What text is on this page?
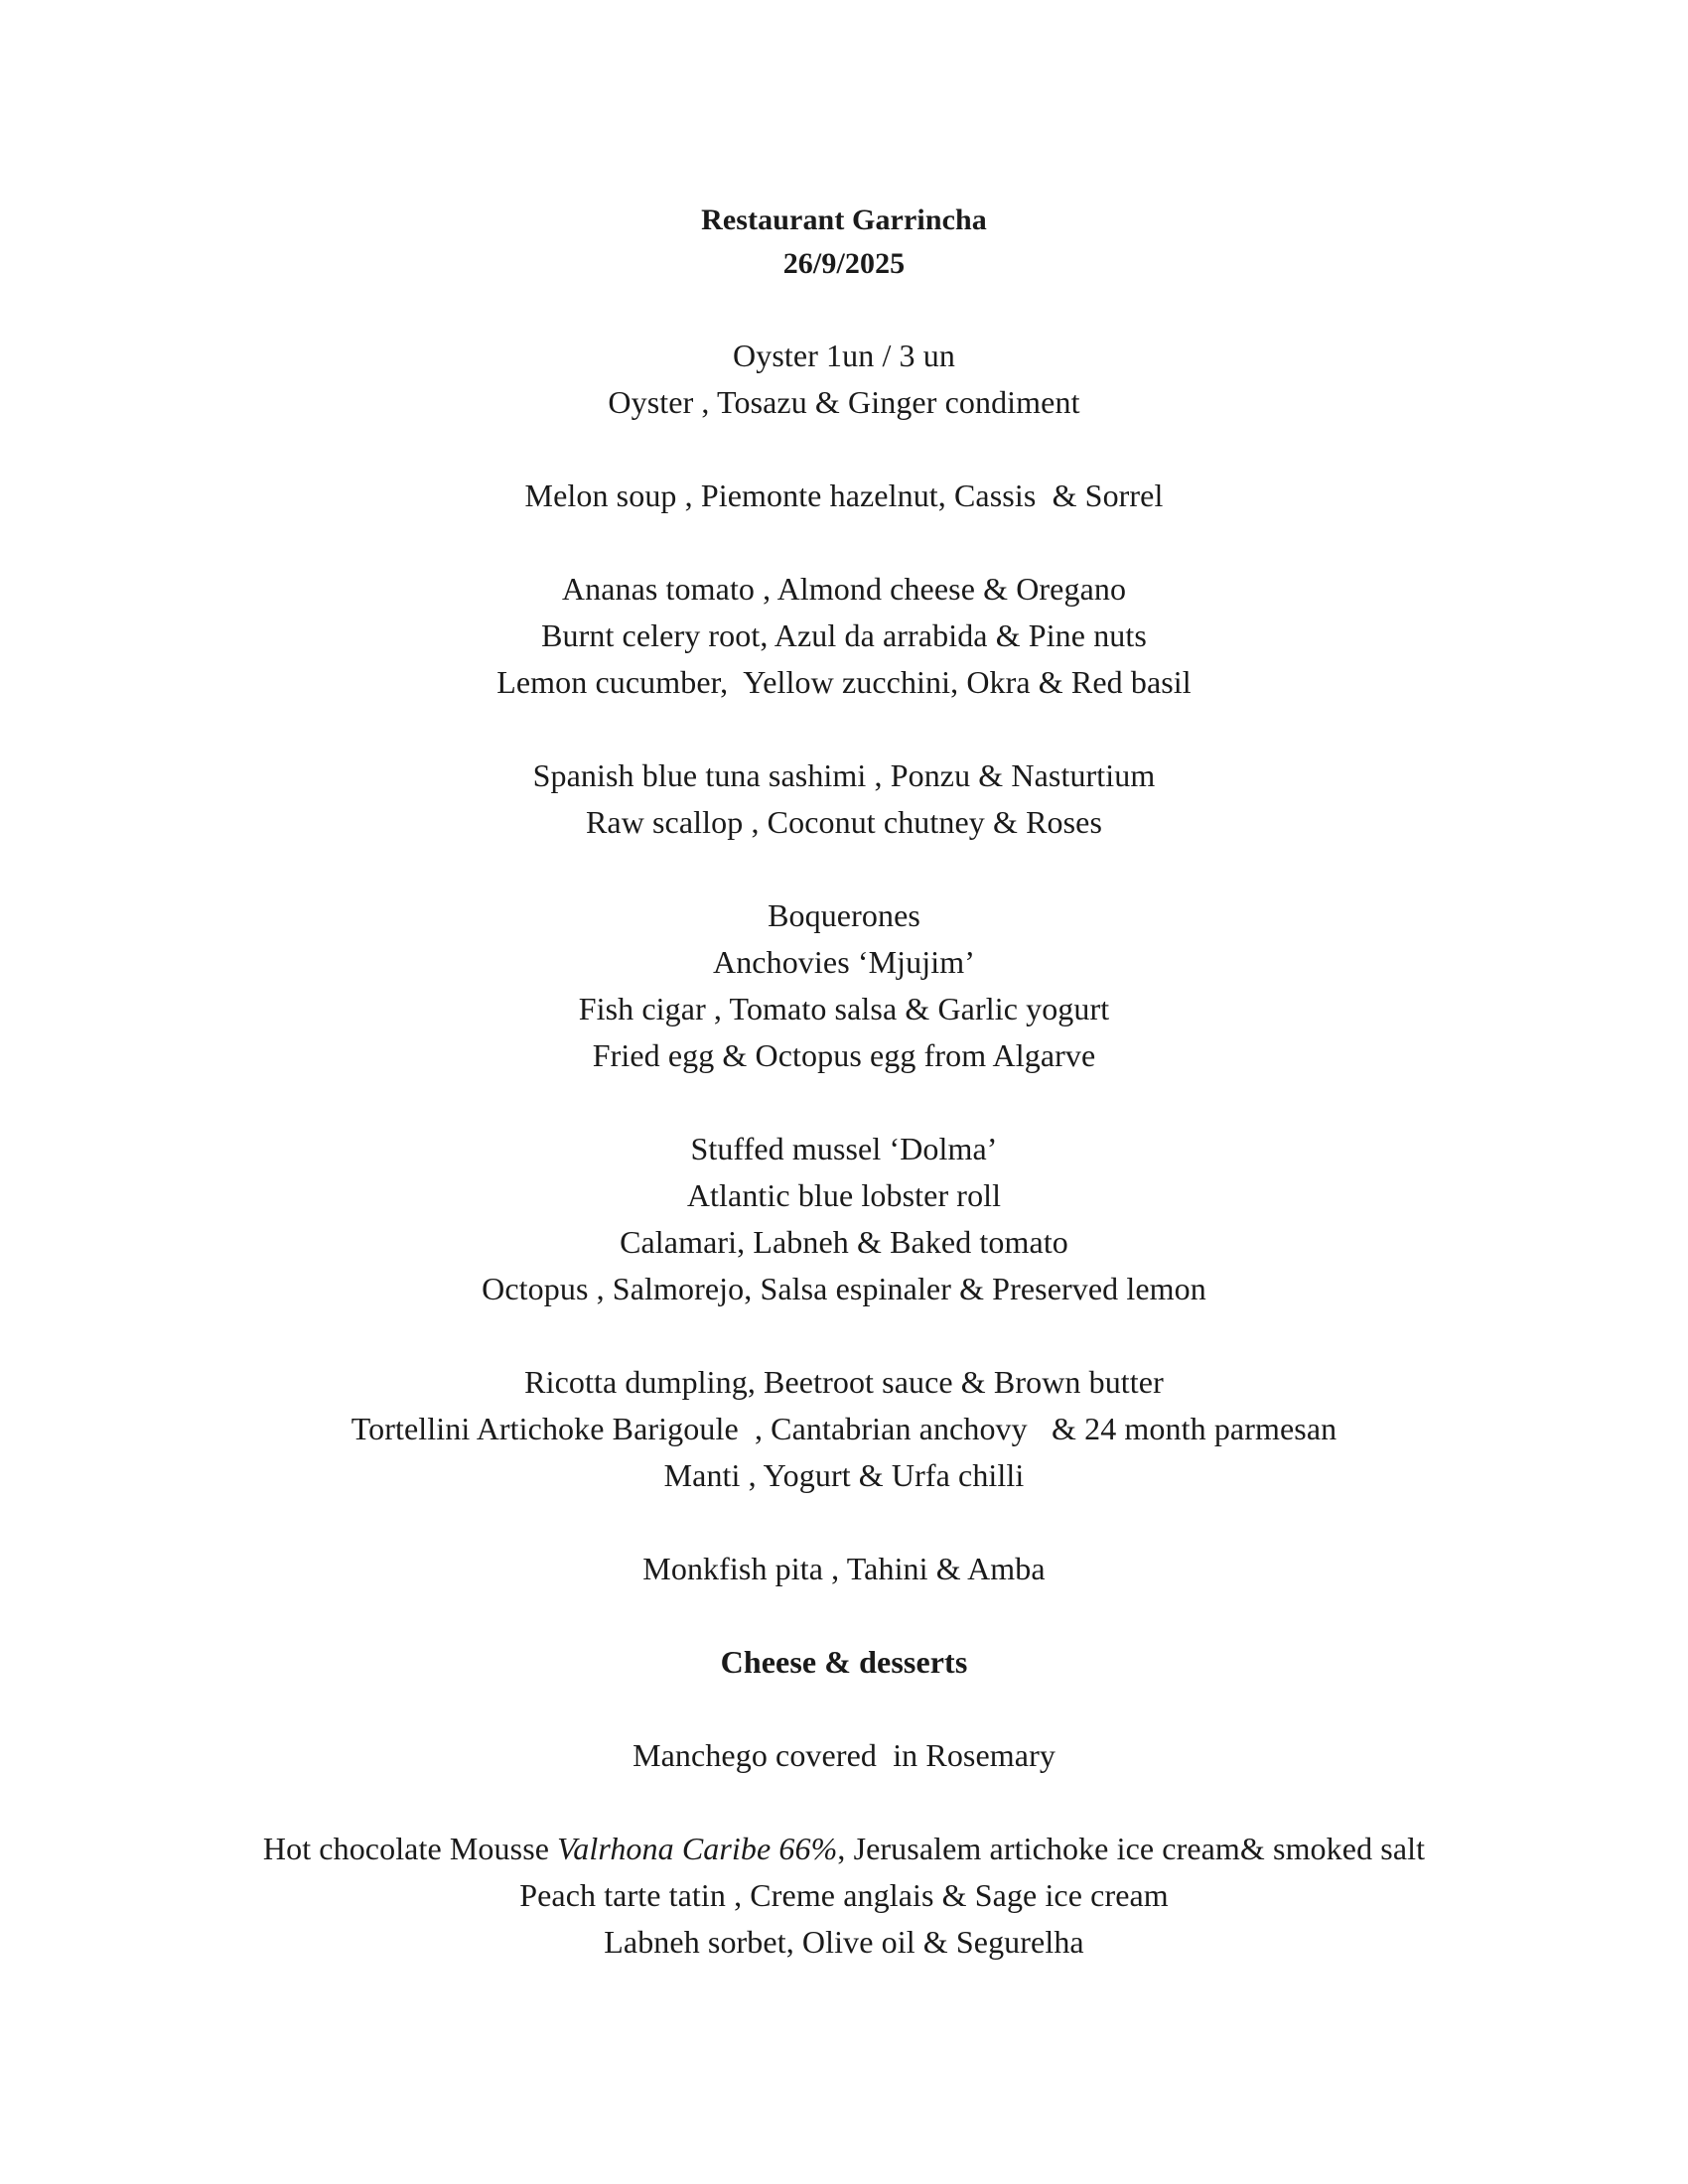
Restaurant Garrincha
26/9/2025
Oyster 1un / 3 un
Oyster , Tosazu & Ginger condiment
Melon soup , Piemonte hazelnut, Cassis  & Sorrel
Ananas tomato , Almond cheese & Oregano
Burnt celery root, Azul da arrabida & Pine nuts
Lemon cucumber,  Yellow zucchini, Okra & Red basil
Spanish blue tuna sashimi , Ponzu & Nasturtium
Raw scallop , Coconut chutney & Roses
Boquerones
Anchovies ‘Mjujim’
Fish cigar , Tomato salsa & Garlic yogurt
Fried egg & Octopus egg from Algarve
Stuffed mussel ‘Dolma’
Atlantic blue lobster roll
Calamari, Labneh & Baked tomato
Octopus , Salmorejo, Salsa espinaler & Preserved lemon
Ricotta dumpling, Beetroot sauce & Brown butter
Tortellini Artichoke Barigoule  , Cantabrian anchovy   & 24 month parmesan
Manti , Yogurt & Urfa chilli
Monkfish pita , Tahini & Amba
Cheese & desserts
Manchego covered  in Rosemary
Hot chocolate Mousse Valrhona Caribe 66%, Jerusalem artichoke ice cream& smoked salt
Peach tarte tatin , Creme anglais & Sage ice cream
Labneh sorbet, Olive oil & Segurelha
